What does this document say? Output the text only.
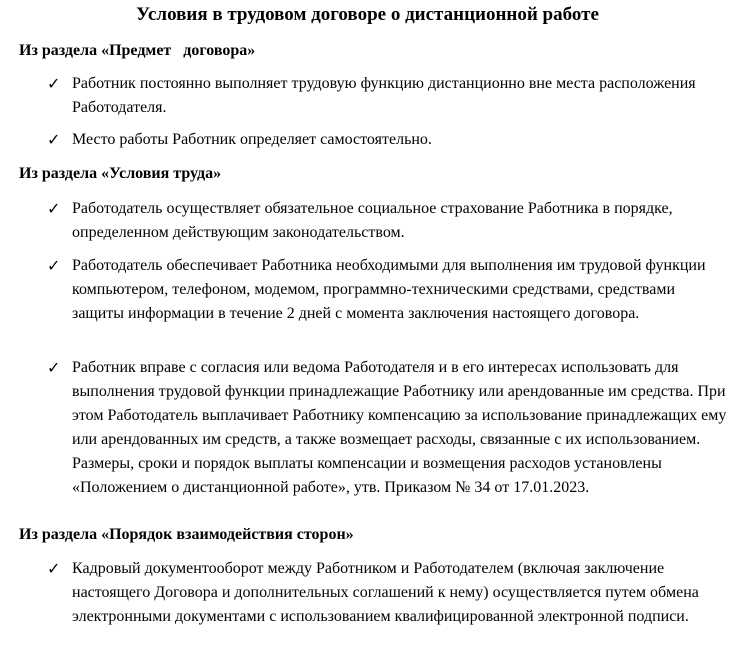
Условия в трудовом договоре о дистанционной работе
Из раздела «Предмет   договора»
✓ Работник постоянно выполняет трудовую функцию дистанционно вне места расположения Работодателя.
✓ Место работы Работник определяет самостоятельно.
Из раздела «Условия труда»
✓ Работодатель осуществляет обязательное социальное страхование Работника в порядке, определенном действующим законодательством.
✓ Работодатель обеспечивает Работника необходимыми для выполнения им трудовой функции компьютером, телефоном, модемом, программно-техническими средствами, средствами защиты информации в течение 2 дней с момента заключения настоящего договора.
✓ Работник вправе с согласия или ведома Работодателя и в его интересах использовать для выполнения трудовой функции принадлежащие Работнику или арендованные им средства. При этом Работодатель выплачивает Работнику компенсацию за использование принадлежащих ему или арендованных им средств, а также возмещает расходы, связанные с их использованием. Размеры, сроки и порядок выплаты компенсации и возмещения расходов установлены «Положением о дистанционной работе», утв. Приказом № 34 от 17.01.2023.
Из раздела «Порядок взаимодействия сторон»
✓ Кадровый документооборот между Работником и Работодателем (включая заключение настоящего Договора и дополнительных соглашений к нему) осуществляется путем обмена электронными документами с использованием квалифицированной электронной подписи.
